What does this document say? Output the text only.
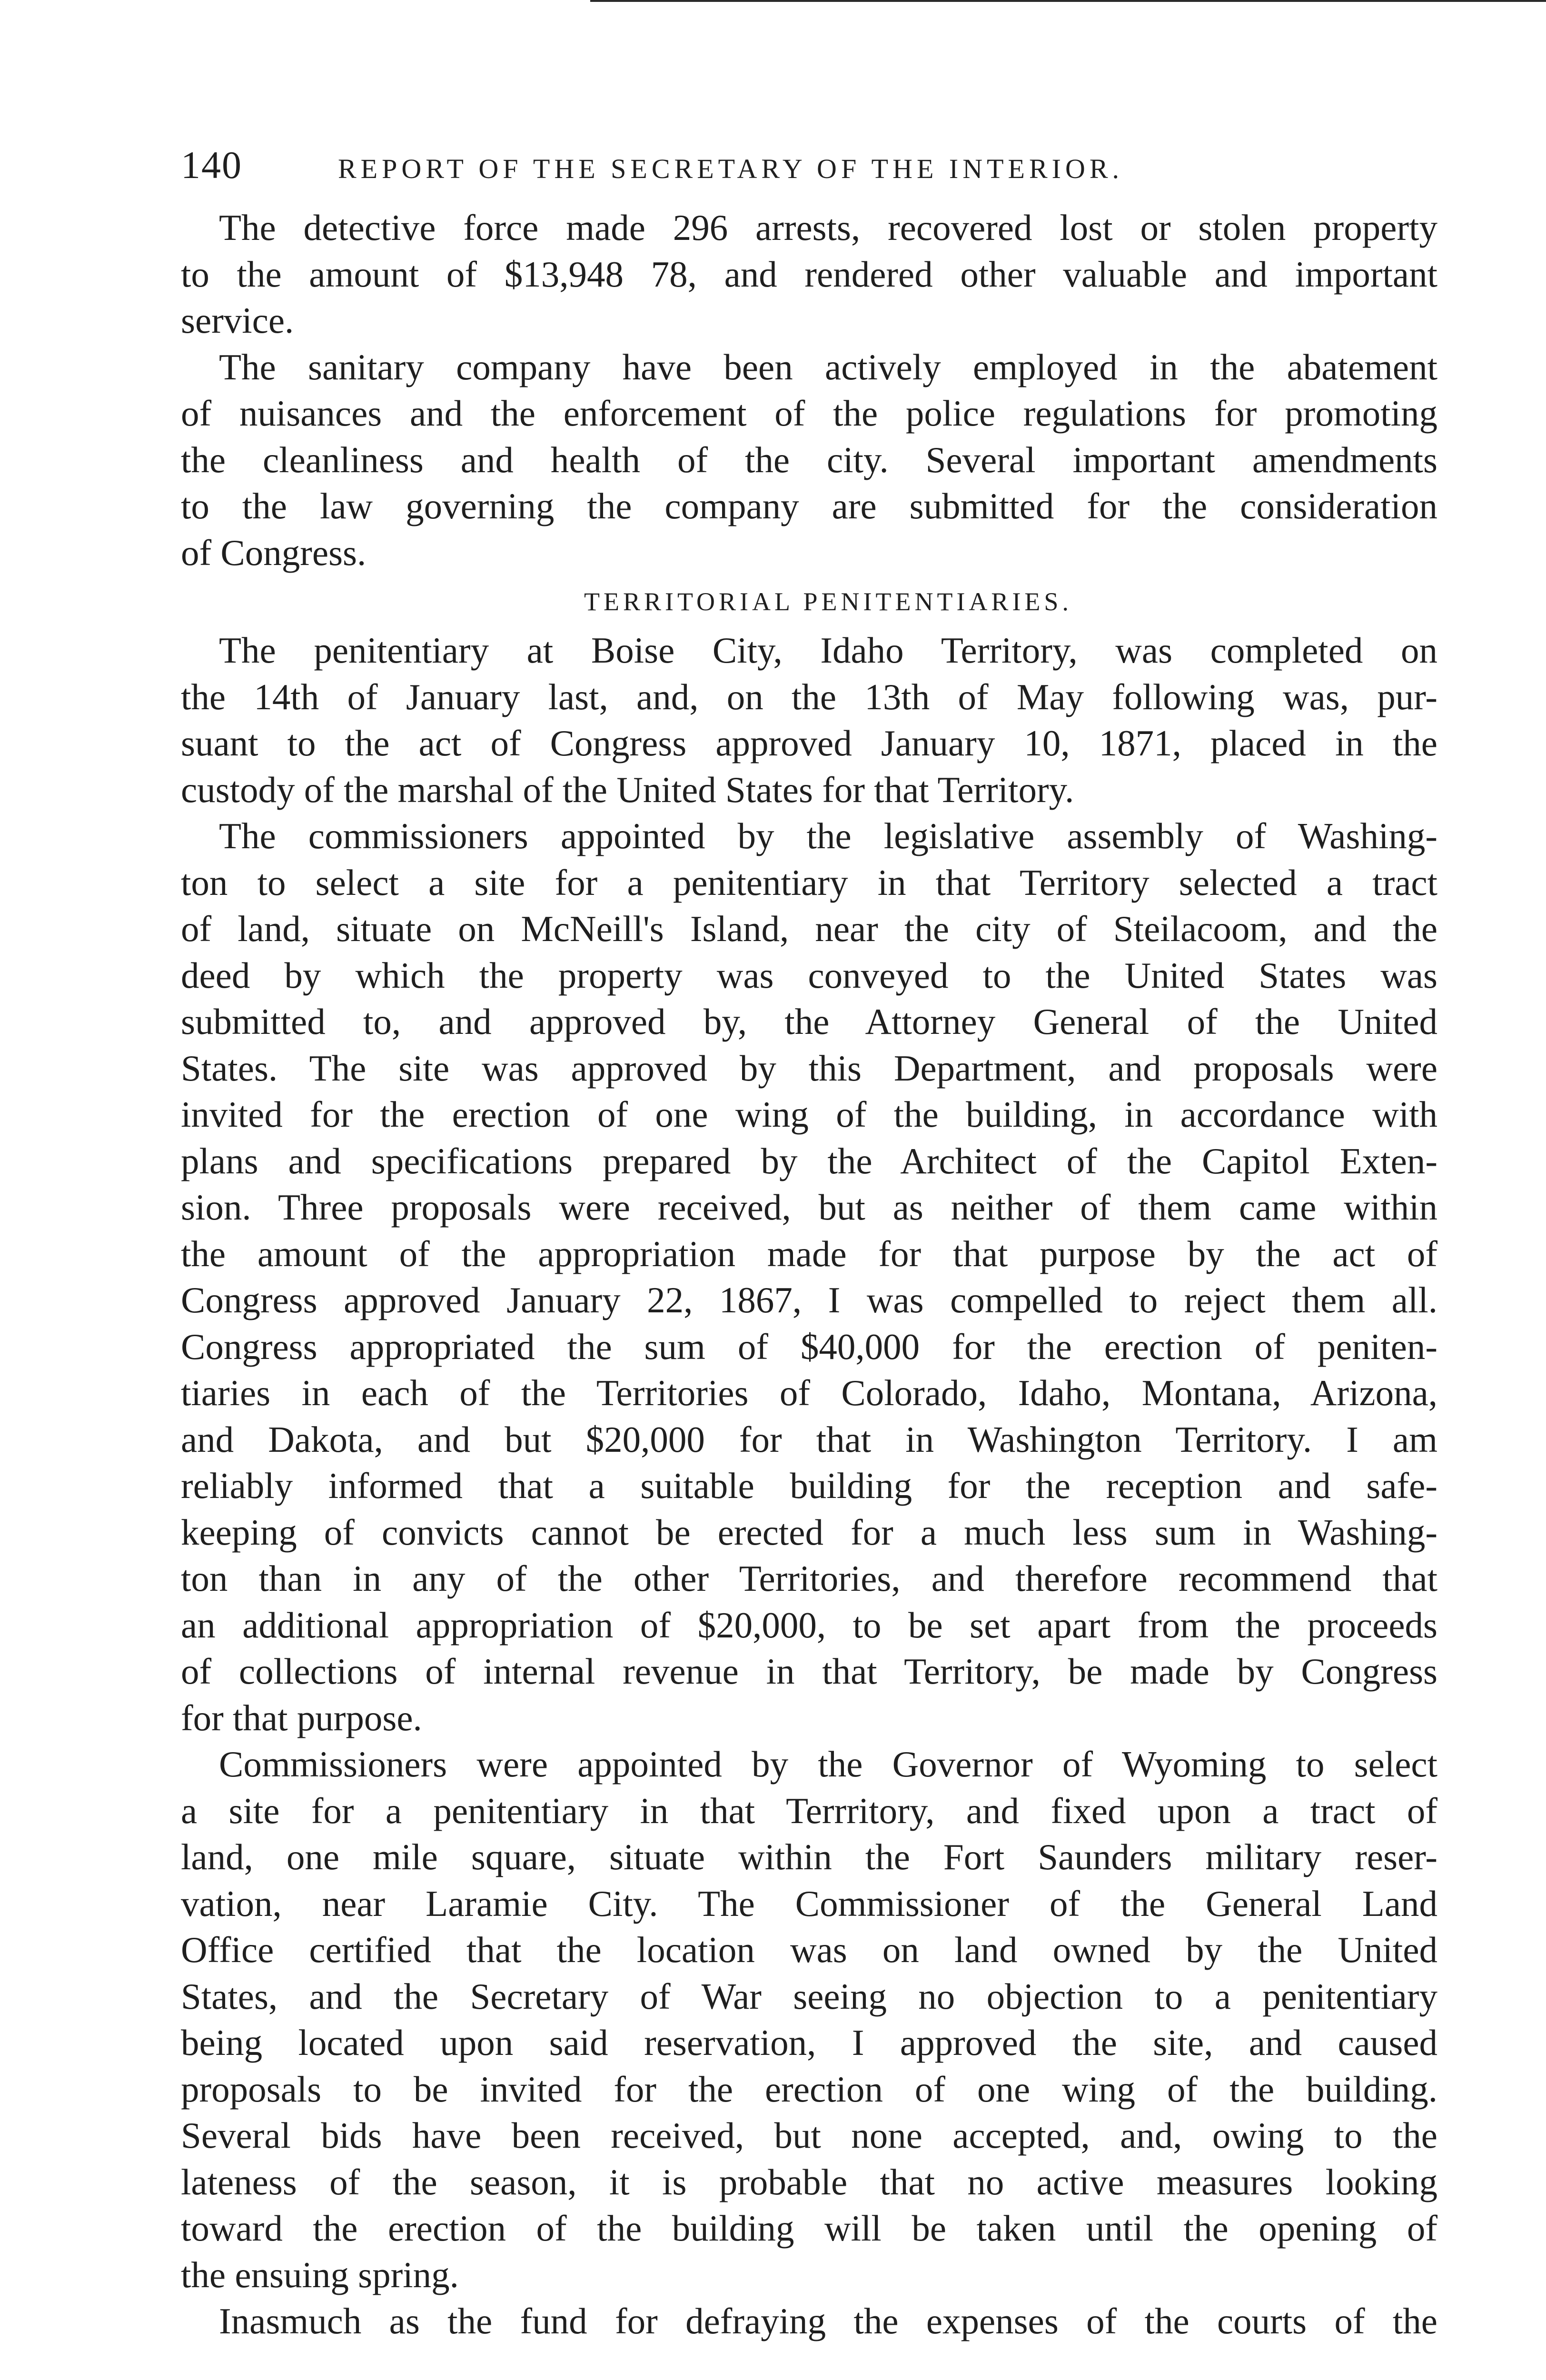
140	REPORT OF THE SECRETARY OF THE INTERIOR.
The detective force made 296 arrests, recovered lost or stolen property
to the amount of $13,948 78, and rendered other valuable and important
service.
The sanitary company have been actively employed in the abatement
of nuisances and the enforcement of the police regulations for promoting
the cleanliness and health of the city. Several important amendments
to the law governing the company are submitted for the consideration
of Congress.
TERRITORIAL PENITENTIARIES.
The penitentiary at Boise City, Idaho Territory, was completed on
the 14th of January last, and, on the 13th of May following was, pur-
suant to the act of Congress approved January 10, 1871, placed in the
custody of the marshal of the United States for that Territory.
The commissioners appointed by the legislative assembly of Washing-
ton to select a site for a penitentiary in that Territory selected a tract
of land, situate on McNeill's Island, near the city of Steilacoom, and the
deed by which the property was conveyed to the United States was
submitted to, and approved by, the Attorney General of the United
States. The site was approved by this Department, and proposals were
invited for the erection of one wing of the building, in accordance with
plans and specifications prepared by the Architect of the Capitol Exten-
sion. Three proposals were received, but as neither of them came within
the amount of the appropriation made for that purpose by the act of
Congress approved January 22, 1867, I was compelled to reject them all.
Congress appropriated the sum of $40,000 for the erection of peniten-
tiaries in each of the Territories of Colorado, Idaho, Montana, Arizona,
and Dakota, and but $20,000 for that in Washington Territory. I am
reliably informed that a suitable building for the reception and safe-
keeping of convicts cannot be erected for a much less sum in Washing-
ton than in any of the other Territories, and therefore recommend that
an additional appropriation of $20,000, to be set apart from the proceeds
of collections of internal revenue in that Territory, be made by Congress
for that purpose.
Commissioners were appointed by the Governor of Wyoming to select
a site for a penitentiary in that Terrritory, and fixed upon a tract of
land, one mile square, situate within the Fort Saunders military reser-
vation, near Laramie City. The Commissioner of the General Land
Office certified that the location was on land owned by the United
States, and the Secretary of War seeing no objection to a penitentiary
being located upon said reservation, I approved the site, and caused
proposals to be invited for the erection of one wing of the building.
Several bids have been received, but none accepted, and, owing to the
lateness of the season, it is probable that no active measures looking
toward the erection of the building will be taken until the opening of
the ensuing spring.
Inasmuch as the fund for defraying the expenses of the courts of the
